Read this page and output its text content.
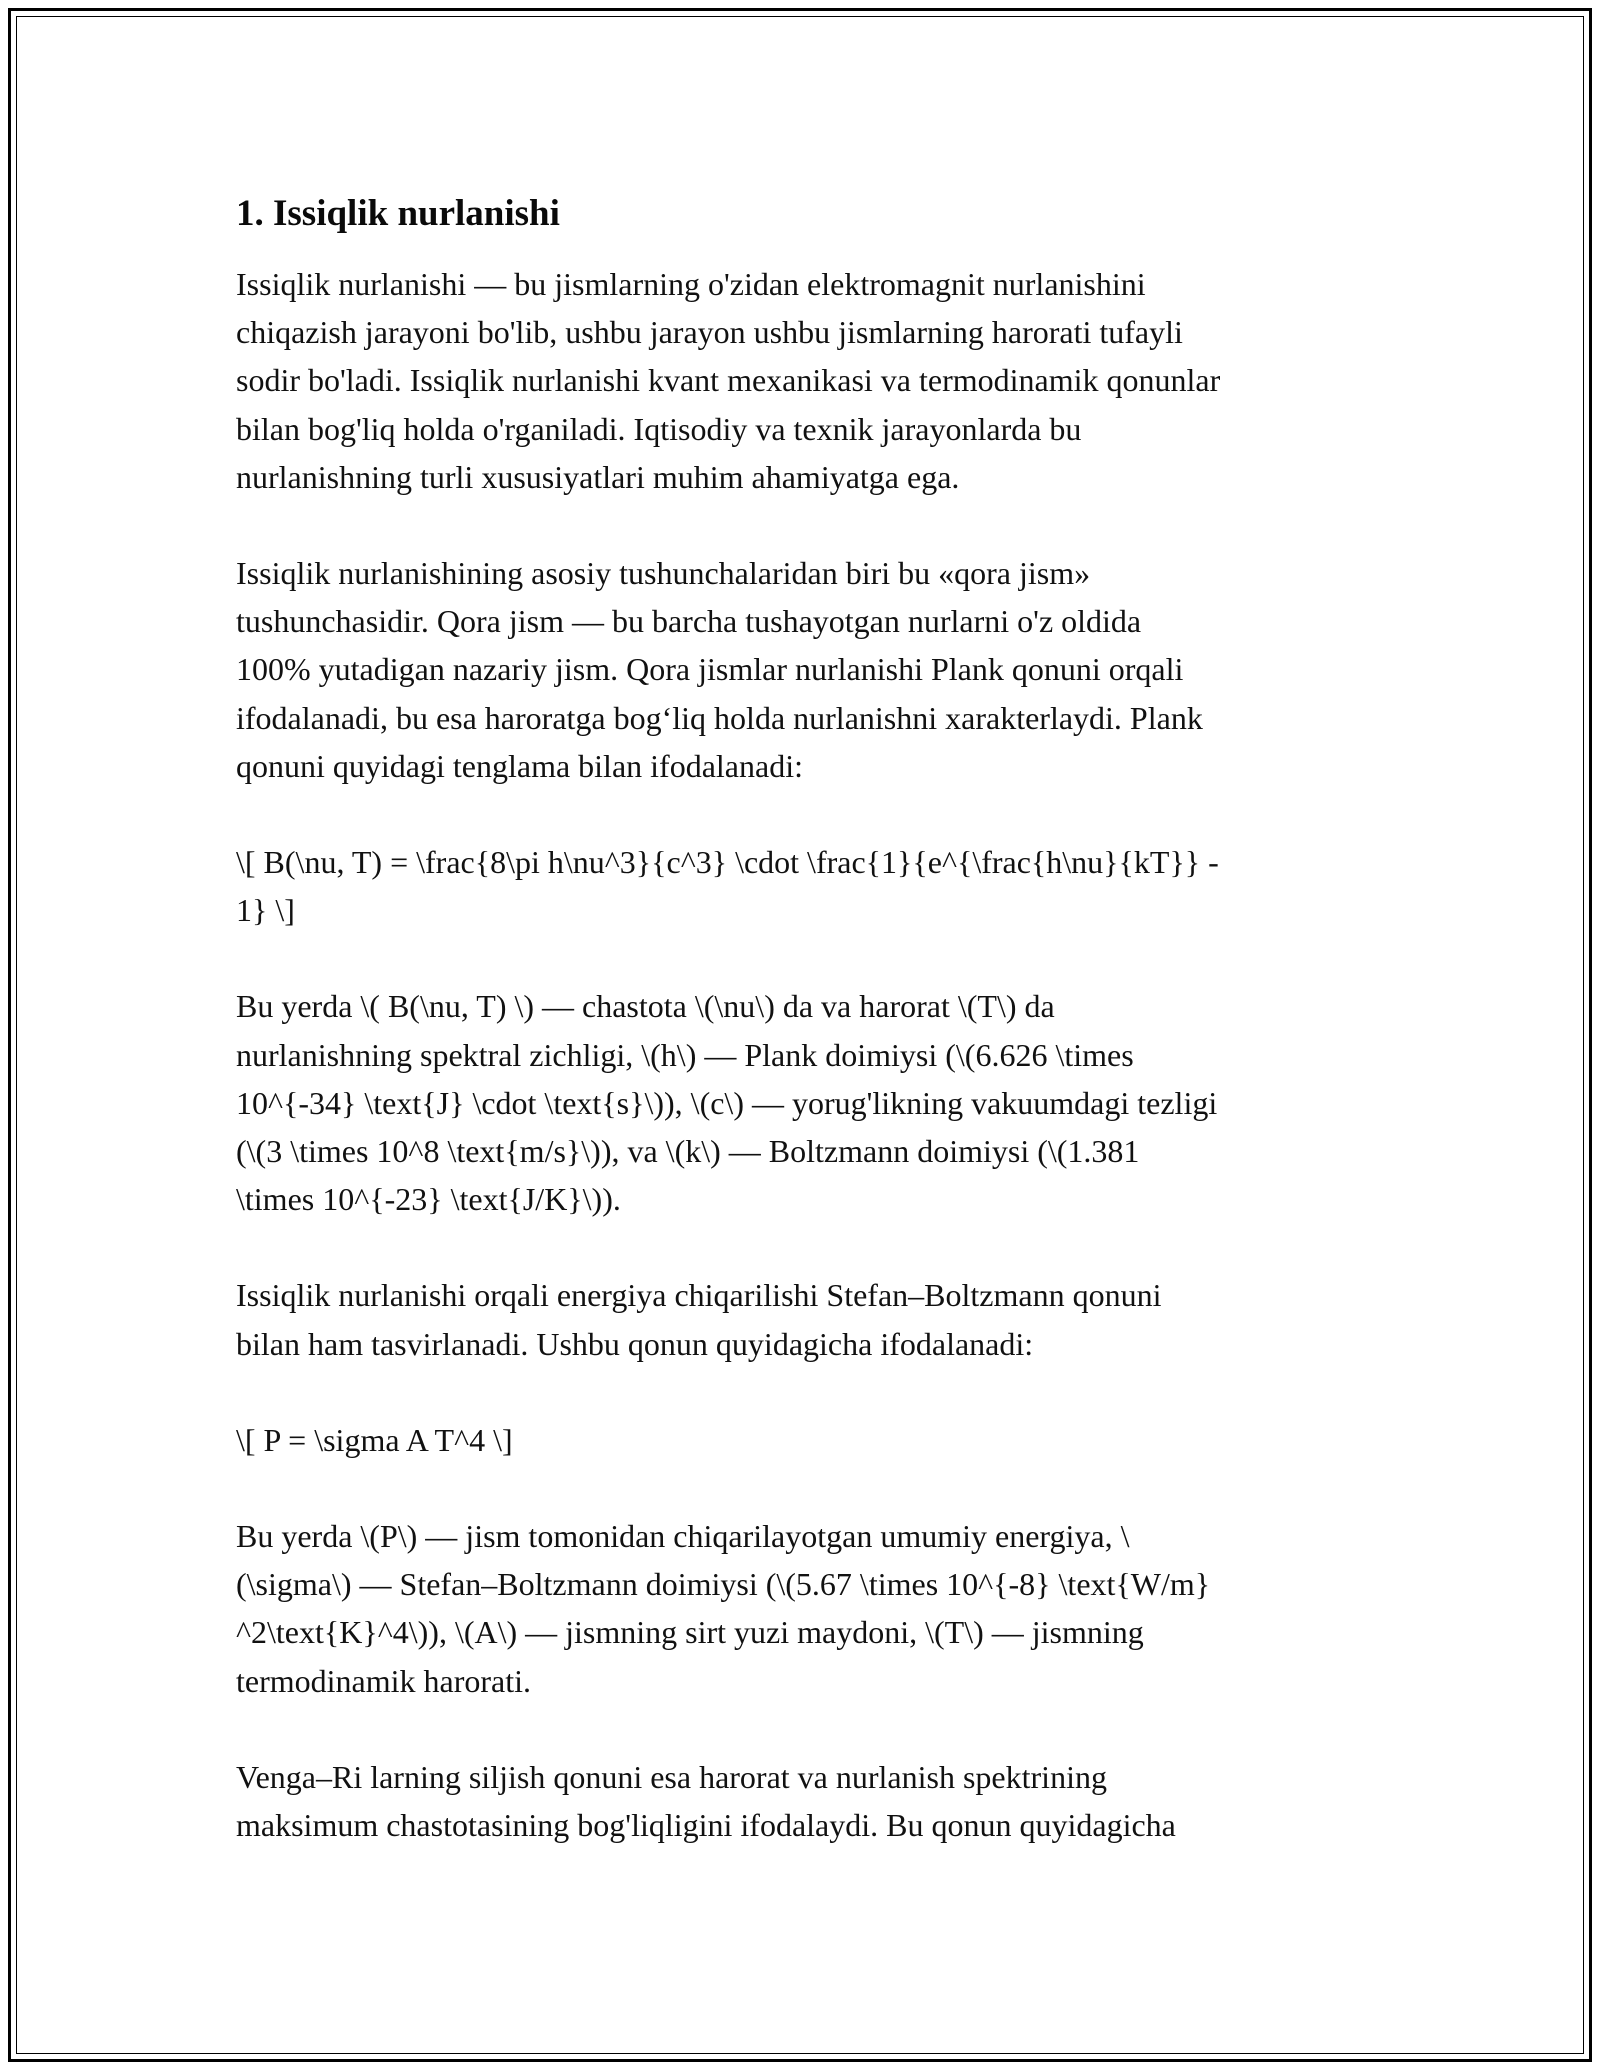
1. Issiqlik nurlanishi

Issiqlik nurlanishi — bu jismlarning o'zidan elektromagnit nurlanishini
chiqazish jarayoni bo'lib, ushbu jarayon ushbu jismlarning harorati tufayli
sodir bo'ladi. Issiqlik nurlanishi kvant mexanikasi va termodinamik qonunlar
bilan bog'liq holda o'rganiladi. Iqtisodiy va texnik jarayonlarda bu
nurlanishning turli xususiyatlari muhim ahamiyatga ega.

Issiqlik nurlanishining asosiy tushunchalaridan biri bu «qora jism»
tushunchasidir. Qora jism — bu barcha tushayotgan nurlarni o'z oldida
100% yutadigan nazariy jism. Qora jismlar nurlanishi Plank qonuni orqali
ifodalanadi, bu esa haroratga bog‘liq holda nurlanishni xarakterlaydi. Plank
qonuni quyidagi tenglama bilan ifodalanadi:

\[ B(\nu, T) = \frac{8\pi h\nu^3}{c^3} \cdot \frac{1}{e^{\frac{h\nu}{kT}} -
1} \]

Bu yerda \( B(\nu, T) \) — chastota \(\nu\) da va harorat \(T\) da
nurlanishning spektral zichligi, \(h\) — Plank doimiysi (\(6.626 \times
10^{-34} \text{J} \cdot \text{s}\)), \(c\) — yorug'likning vakuumdagi tezligi
(\(3 \times 10^8 \text{m/s}\)), va \(k\) — Boltzmann doimiysi (\(1.381
\times 10^{-23} \text{J/K}\)).

Issiqlik nurlanishi orqali energiya chiqarilishi Stefan–Boltzmann qonuni
bilan ham tasvirlanadi. Ushbu qonun quyidagicha ifodalanadi:

\[ P = \sigma A T^4 \]

Bu yerda \(P\) — jism tomonidan chiqarilayotgan umumiy energiya, \
(\sigma\) — Stefan–Boltzmann doimiysi (\(5.67 \times 10^{-8} \text{W/m}
^2\text{K}^4\)), \(A\) — jismning sirt yuzi maydoni, \(T\) — jismning
termodinamik harorati.

Venga–Ri larning siljish qonuni esa harorat va nurlanish spektrining
maksimum chastotasining bog'liqligini ifodalaydi. Bu qonun quyidagicha
